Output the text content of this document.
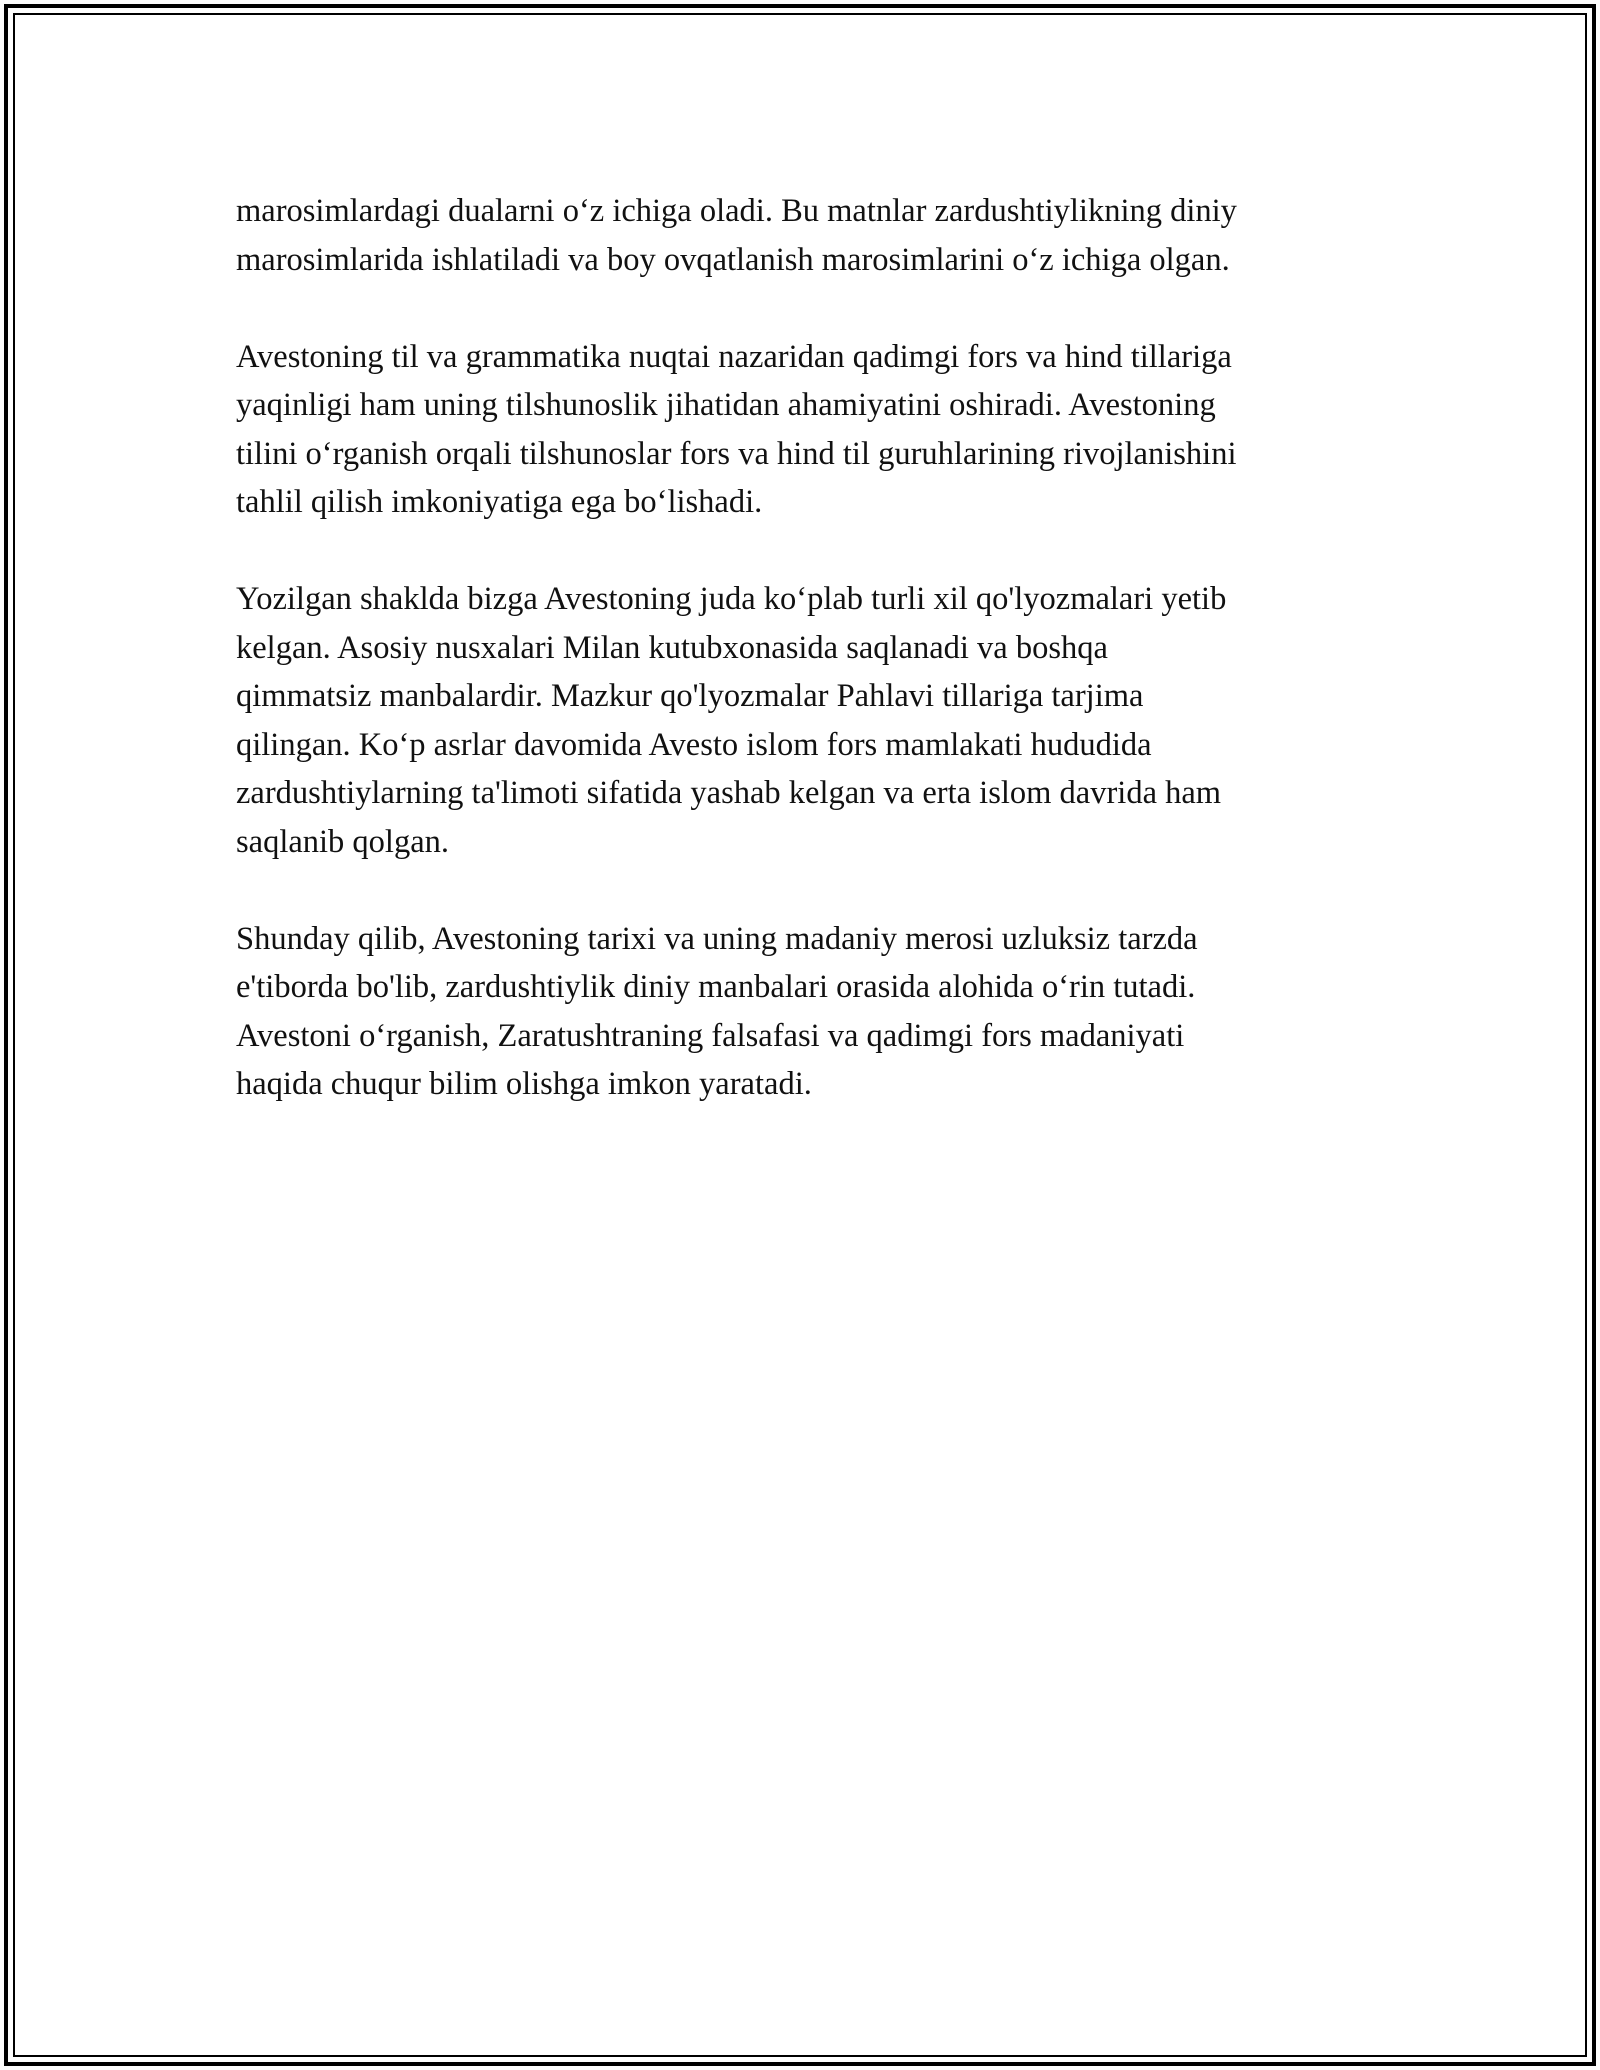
marosimlardagi dualarni o‘z ichiga oladi. Bu matnlar zardushtiylikning diniy
marosimlarida ishlatiladi va boy ovqatlanish marosimlarini o‘z ichiga olgan.

Avestoning til va grammatika nuqtai nazaridan qadimgi fors va hind tillariga
yaqinligi ham uning tilshunoslik jihatidan ahamiyatini oshiradi. Avestoning
tilini o‘rganish orqali tilshunoslar fors va hind til guruhlarining rivojlanishini
tahlil qilish imkoniyatiga ega bo‘lishadi.

Yozilgan shaklda bizga Avestoning juda ko‘plab turli xil qo'lyozmalari yetib
kelgan. Asosiy nusxalari Milan kutubxonasida saqlanadi va boshqa
qimmatsiz manbalardir. Mazkur qo'lyozmalar Pahlavi tillariga tarjima
qilingan. Ko‘p asrlar davomida Avesto islom fors mamlakati hududida
zardushtiylarning ta'limoti sifatida yashab kelgan va erta islom davrida ham
saqlanib qolgan.

Shunday qilib, Avestoning tarixi va uning madaniy merosi uzluksiz tarzda
e'tiborda bo'lib, zardushtiylik diniy manbalari orasida alohida o‘rin tutadi.
Avestoni o‘rganish, Zaratushtraning falsafasi va qadimgi fors madaniyati
haqida chuqur bilim olishga imkon yaratadi.
